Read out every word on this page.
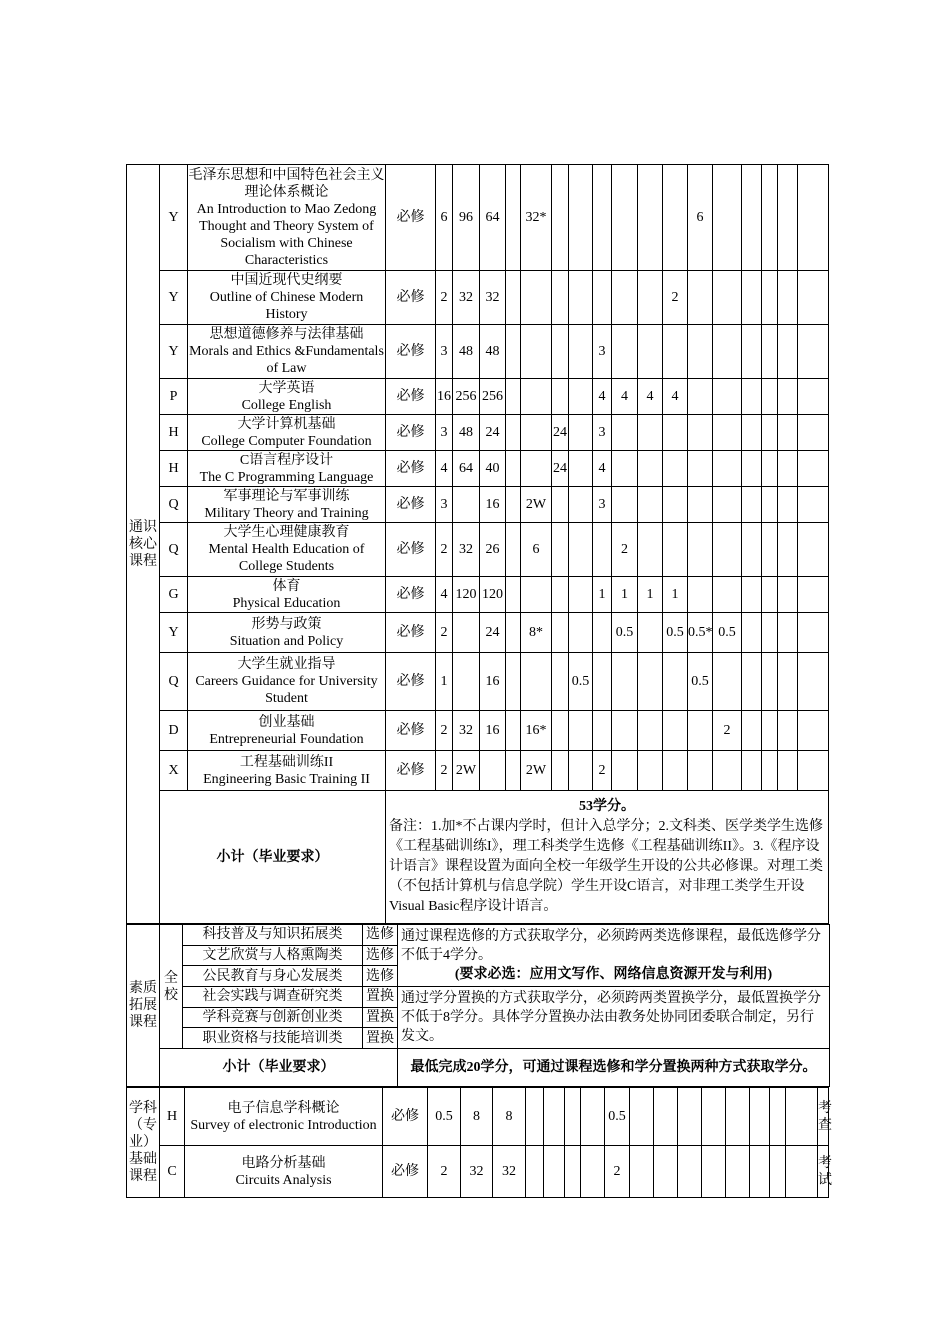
通识核心课程	Y	毛泽东思想和中国特色社会主义理论体系概论
An Introduction to Mao Zedong Thought and Theory System of Socialism with Chinese Characteristics	必修	6	96	64		32*							6						
	Y	中国近现代史纲要
Outline of Chinese Modern History	必修	2	32	32								2							
	Y	思想道德修养与法律基础
Morals and Ethics &Fundamentals of Law	必修	3	48	48					3										
	P	大学英语
College English	必修	16	256	256					4	4	4	4							
	H	大学计算机基础
College Computer Foundation	必修	3	48	24			24		3										
	H	C语言程序设计
The C Programming Language	必修	4	64	40			24		4										
	Q	军事理论与军事训练
Military Theory and Training	必修	3		16		2W			3										
	Q	大学生心理健康教育
Mental Health Education of College Students	必修	2	32	26		6				2									
	G	体育
Physical Education	必修	4	120	120					1	1	1	1							
	Y	形势与政策
Situation and Policy	必修	2		24		8*				0.5		0.5	0.5*	0.5					
	Q	大学生就业指导
Careers Guidance for University Student	必修	1		16				0.5					0.5						
	D	创业基础
Entrepreneurial Foundation	必修	2	32	16		16*								2					
	X	工程基础训练II
Engineering Basic Training II	必修	2	2W			2W			2										
	小计（毕业要求）		53学分。
备注：1.加*不占课内学时，但计入总学分；2.文科类、医学类学生选修《工程基础训练I》，理工科类学生选修《工程基础训练II》。3.《程序设计语言》课程设置为面向全校一年级学生开设的公共必修课。对理工类（不包括计算机与信息学院）学生开设C语言，对非理工类学生开设Visual Basic程序设计语言。																		
素质拓展课程	全校	科技普及与知识拓展类	选修	通过课程选修的方式获取学分，必须跨两类选修课程，最低选修学分不低于4学分。
(要求必选：应用文写作、网络信息资源开发与利用)

		文艺欣赏与人格熏陶类	选修	
		公民教育与身心发展类	选修	
		社会实践与调查研究类	置换	通过学分置换的方式获取学分，必须跨两类置换学分，最低置换学分不低于8学分。具体学分置换办法由教务处协同团委联合制定，另行发文。
		学科竞赛与创新创业类	置换	
		职业资格与技能培训类	置换	
	小计（毕业要求）			最低完成20学分，可通过课程选修和学分置换两种方式获取学分。
学科（专业）基础课程	H	电子信息学科概论
Survey of electronic Introduction	必修	0.5	8	8					0.5									考查
	C	电路分析基础
Circuits Analysis	必修	2	32	32					2									考试
